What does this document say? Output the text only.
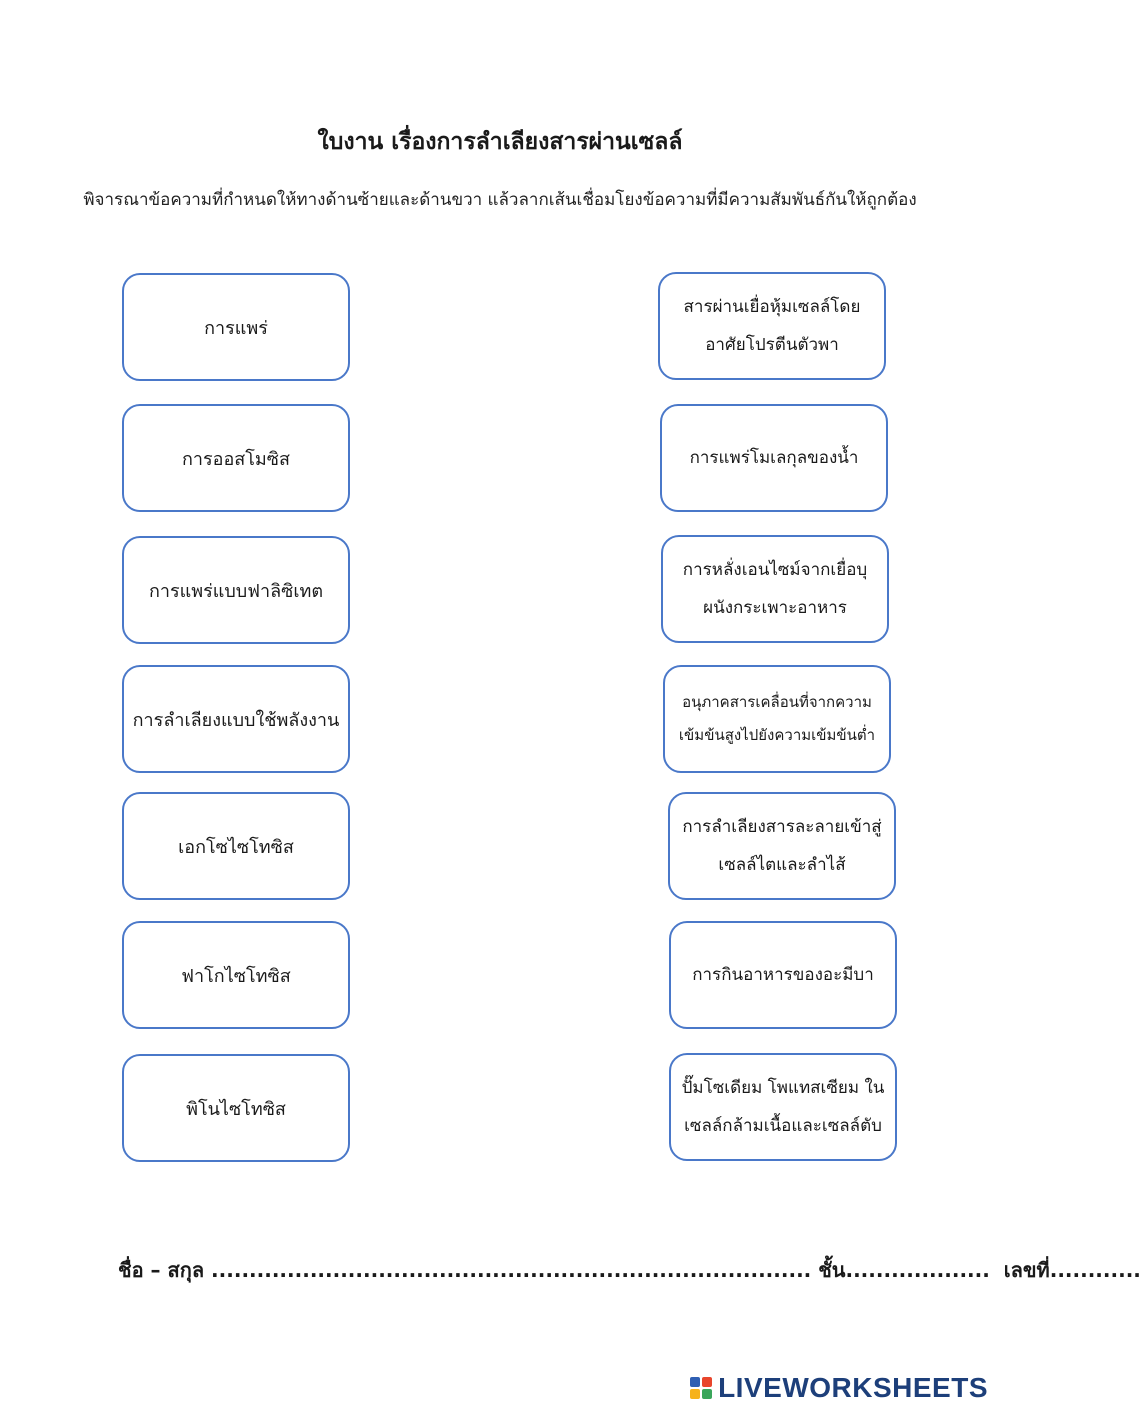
ใบงาน เรื่องการลำเลียงสารผ่านเซลล์
พิจารณาข้อความที่กำหนดให้ทางด้านซ้ายและด้านขวา แล้วลากเส้นเชื่อมโยงข้อความที่มีความสัมพันธ์กันให้ถูกต้อง
การแพร่
การออสโมซิส
การแพร่แบบฟาลิซิเทต
การลำเลียงแบบใช้พลังงาน
เอกโซไซโทซิส
ฟาโกไซโทซิส
พิโนไซโทซิส
สารผ่านเยื่อหุ้มเซลล์โดย
อาศัยโปรตีนตัวพา
การแพร่โมเลกุลของน้ำ
การหลั่งเอนไซม์จากเยื่อบุ
ผนังกระเพาะอาหาร
อนุภาคสารเคลื่อนที่จากความ
เข้มข้นสูงไปยังความเข้มข้นต่ำ
การลำเลียงสารละลายเข้าสู่
เซลล์ไตและลำไส้
การกินอาหารของอะมีบา
ปั๊มโซเดียม โพแทสเซียม ใน
เซลล์กล้ามเนื้อและเซลล์ตับ
ชื่อ – สกุล ............................................................................... ชั้น...................  เลขที่............
LIVEWORKSHEETS
